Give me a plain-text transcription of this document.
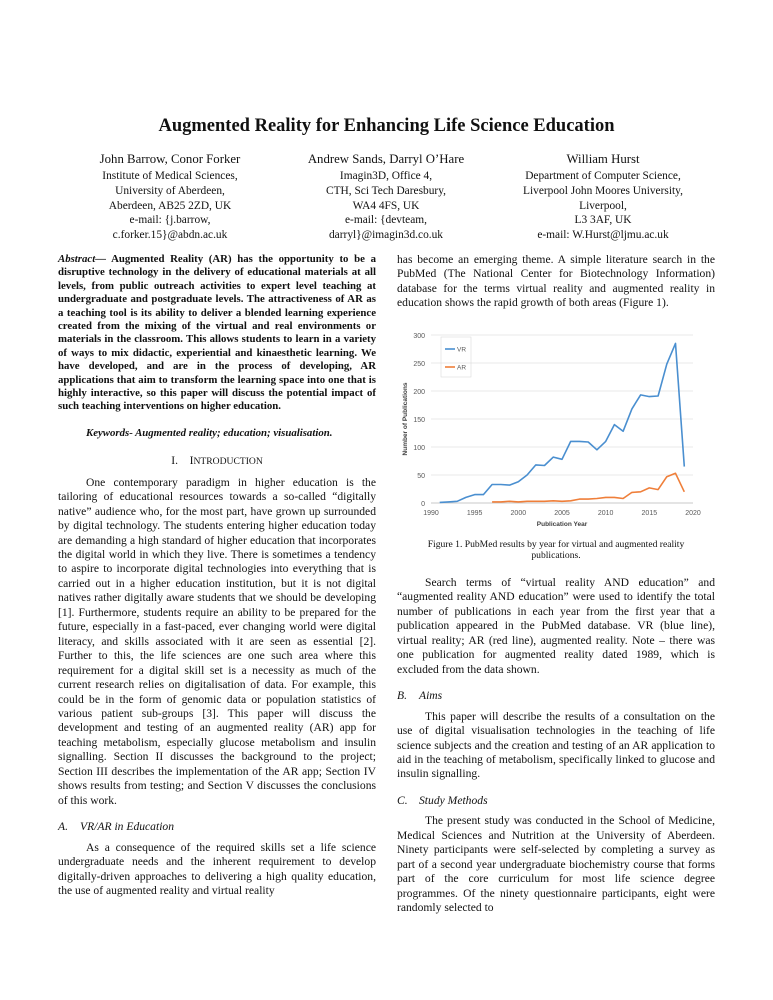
Augmented Reality for Enhancing Life Science Education
John Barrow, Conor Forker
Institute of Medical Sciences,
University of Aberdeen,
Aberdeen, AB25 2ZD, UK
e-mail: {j.barrow,
c.forker.15}@abdn.ac.uk
Andrew Sands, Darryl O’Hare
Imagin3D, Office 4,
CTH, Sci Tech Daresbury,
WA4 4FS, UK
e-mail: {devteam,
darryl}@imagin3d.co.uk
William Hurst
Department of Computer Science,
Liverpool John Moores University,
Liverpool,
L3 3AF, UK
e-mail: W.Hurst@ljmu.ac.uk

Abstract— Augmented Reality (AR) has the opportunity to be a disruptive technology in the delivery of educational materials at all levels, from public outreach activities to expert level teaching at undergraduate and postgraduate levels. The attractiveness of AR as a teaching tool is its ability to deliver a blended learning experience created from the mixing of the virtual and real environments or materials in the classroom. This allows students to learn in a variety of ways to mix didactic, experiential and kinaesthetic learning. We have developed, and are in the process of developing, AR applications that aim to transform the learning space into one that is highly interactive, so this paper will discuss the potential impact of such teaching interventions on higher education.

Keywords- Augmented reality; education; visualisation.
I. INTRODUCTION

One contemporary paradigm in higher education is the tailoring of educational resources towards a so-called “digitally native” audience who, for the most part, have grown up surrounded by digital technology. The students entering higher education today are demanding a high standard of higher education that incorporates the digital world in which they live. There is sometimes a tendency to aspire to incorporate digital technologies into everything that is carried out in a higher education institution, but it is not digital natives rather digitally aware students that we should be developing [1]. Furthermore, students require an ability to be prepared for the future, especially in a fast-paced, ever changing world were digital literacy, and skills associated with it are seen as essential [2]. Further to this, the life sciences are one such area where this requirement for a digital skill set is a necessity as much of the current research relies on digitalisation of data. For example, this could be in the form of genomic data or population statistics of various patient sub-groups [3]. This paper will discuss the development and testing of an augmented reality (AR) app for teaching metabolism, especially glucose metabolism and insulin signalling. Section II discusses the background to the project; Section III describes the implementation of the AR app; Section IV shows results from testing; and Section V discusses the conclusions of this work.

A. VR/AR in Education

As a consequence of the required skills set a life science undergraduate needs and the inherent requirement to develop digitally-driven approaches to delivering a high quality education, the use of augmented reality and virtual reality

has become an emerging theme. A simple literature search in the PubMed (The National Center for Biotechnology Information) database for the terms virtual reality and augmented reality in education shows the rapid growth of both areas (Figure 1).

0
50
100
150
200
250
300
1990	1995	2000	2005	2010	2015	2020
Publication Year
Number of Publications
VR
AR
Figure 1. PubMed results by year for virtual and augmented reality publications.

Search terms of “virtual reality AND education” and “augmented reality AND education” were used to identify the total number of publications in each year from the first year that a publication appeared in the PubMed database. VR (blue line), virtual reality; AR (red line), augmented reality. Note – there was one publication for augmented reality dated 1989, which is excluded from the data shown.

B. Aims

This paper will describe the results of a consultation on the use of digital visualisation technologies in the teaching of life science subjects and the creation and testing of an AR application to aid in the teaching of metabolism, specifically linked to glucose and insulin signalling.

C. Study Methods

The present study was conducted in the School of Medicine, Medical Sciences and Nutrition at the University of Aberdeen. Ninety participants were self-selected by completing a survey as part of a second year undergraduate biochemistry course that forms part of the core curriculum for most life science degree programmes. Of the ninety questionnaire participants, eight were randomly selected to
